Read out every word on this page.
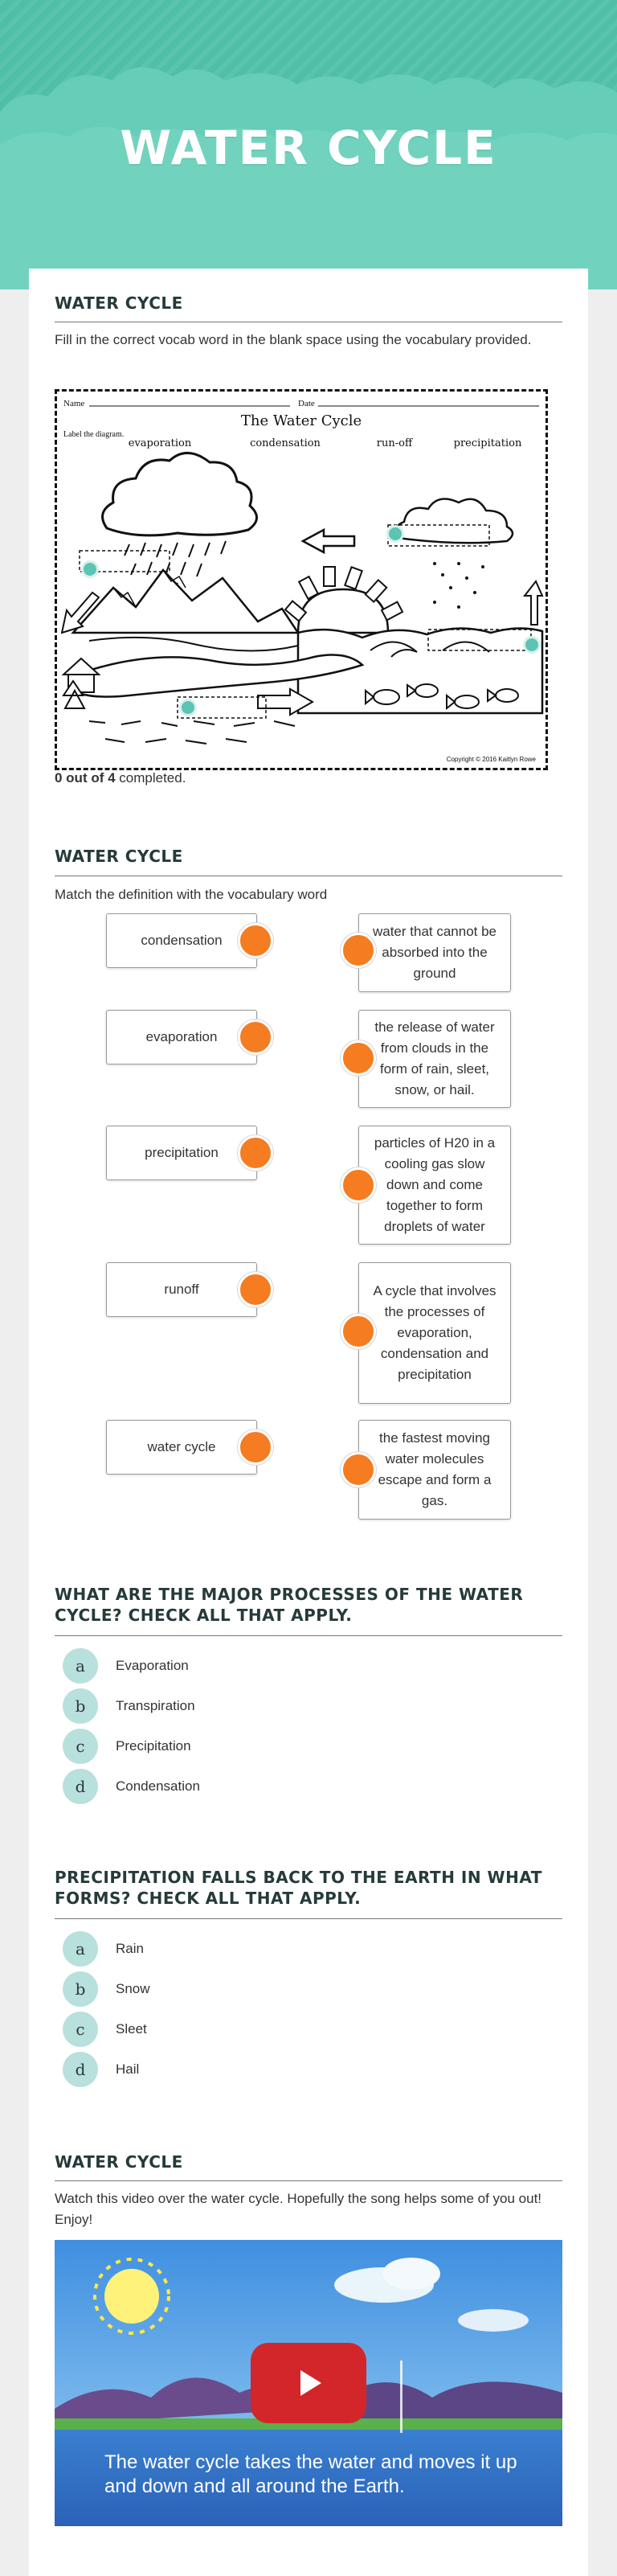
WATER CYCLE
WATER CYCLE
Fill in the correct vocab word in the blank space using the vocabulary provided.
Name	Date
The Water Cycle
Label the diagram.
evaporation	condensation	run-off	precipitation
Copyright © 2016 Kaitlyn Rowe
0 out of 4 completed.
WATER CYCLE
Match the definition with the vocabulary word
condensation
evaporation
precipitation
runoff
water cycle
water that cannot be absorbed into the ground
the release of water from clouds in the form of rain, sleet, snow, or hail.
particles of H20 in a cooling gas slow down and come together to form droplets of water
A cycle that involves the processes of evaporation, condensation and precipitation
the fastest moving water molecules escape and form a gas.
WHAT ARE THE MAJOR PROCESSES OF THE WATER CYCLE? CHECK ALL THAT APPLY.
a	Evaporation
b	Transpiration
c	Precipitation
d	Condensation
PRECIPITATION FALLS BACK TO THE EARTH IN WHAT FORMS? CHECK ALL THAT APPLY.
a	Rain
b	Snow
c	Sleet
d	Hail
WATER CYCLE
Watch this video over the water cycle. Hopefully the song helps some of you out! Enjoy!
The water cycle takes the water and moves it up and down and all around the Earth.
